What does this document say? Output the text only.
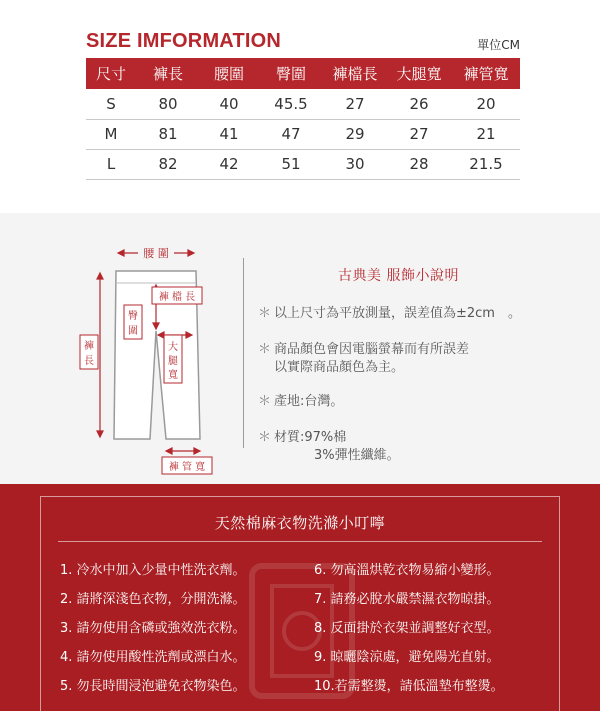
SIZE IMFORMATION	單位CM
尺寸	褲長	腰圍	臀圍	褲檔長	大腿寬	褲管寬
S	80	40	45.5	27	26	20
M	81	41	47	29	27	21
L	82	42	51	30	28	21.5
腰 圍
褲 檔 長
臀
圍
大
腿
寬
褲
長
褲 管 寬
古典美 服飾小說明
＊ 以上尺寸為平放測量，誤差值為±2cm　。
＊ 商品顏色會因電腦螢幕而有所誤差
以實際商品顏色為主。
＊ 產地:台灣。
＊ 材質:97%棉
3%彈性纖維。
天然棉麻衣物洗滌小叮嚀
1. 冷水中加入少量中性洗衣劑。
2. 請將深淺色衣物，分開洗滌。
3. 請勿使用含磷或強效洗衣粉。
4. 請勿使用酸性洗劑或漂白水。
5. 勿長時間浸泡避免衣物染色。
6. 勿高溫烘乾衣物易縮小變形。
7. 請務必脫水嚴禁濕衣物晾掛。
8. 反面掛於衣架並調整好衣型。
9. 晾曬陰涼處，避免陽光直射。
10.若需整燙，請低溫墊布整燙。
